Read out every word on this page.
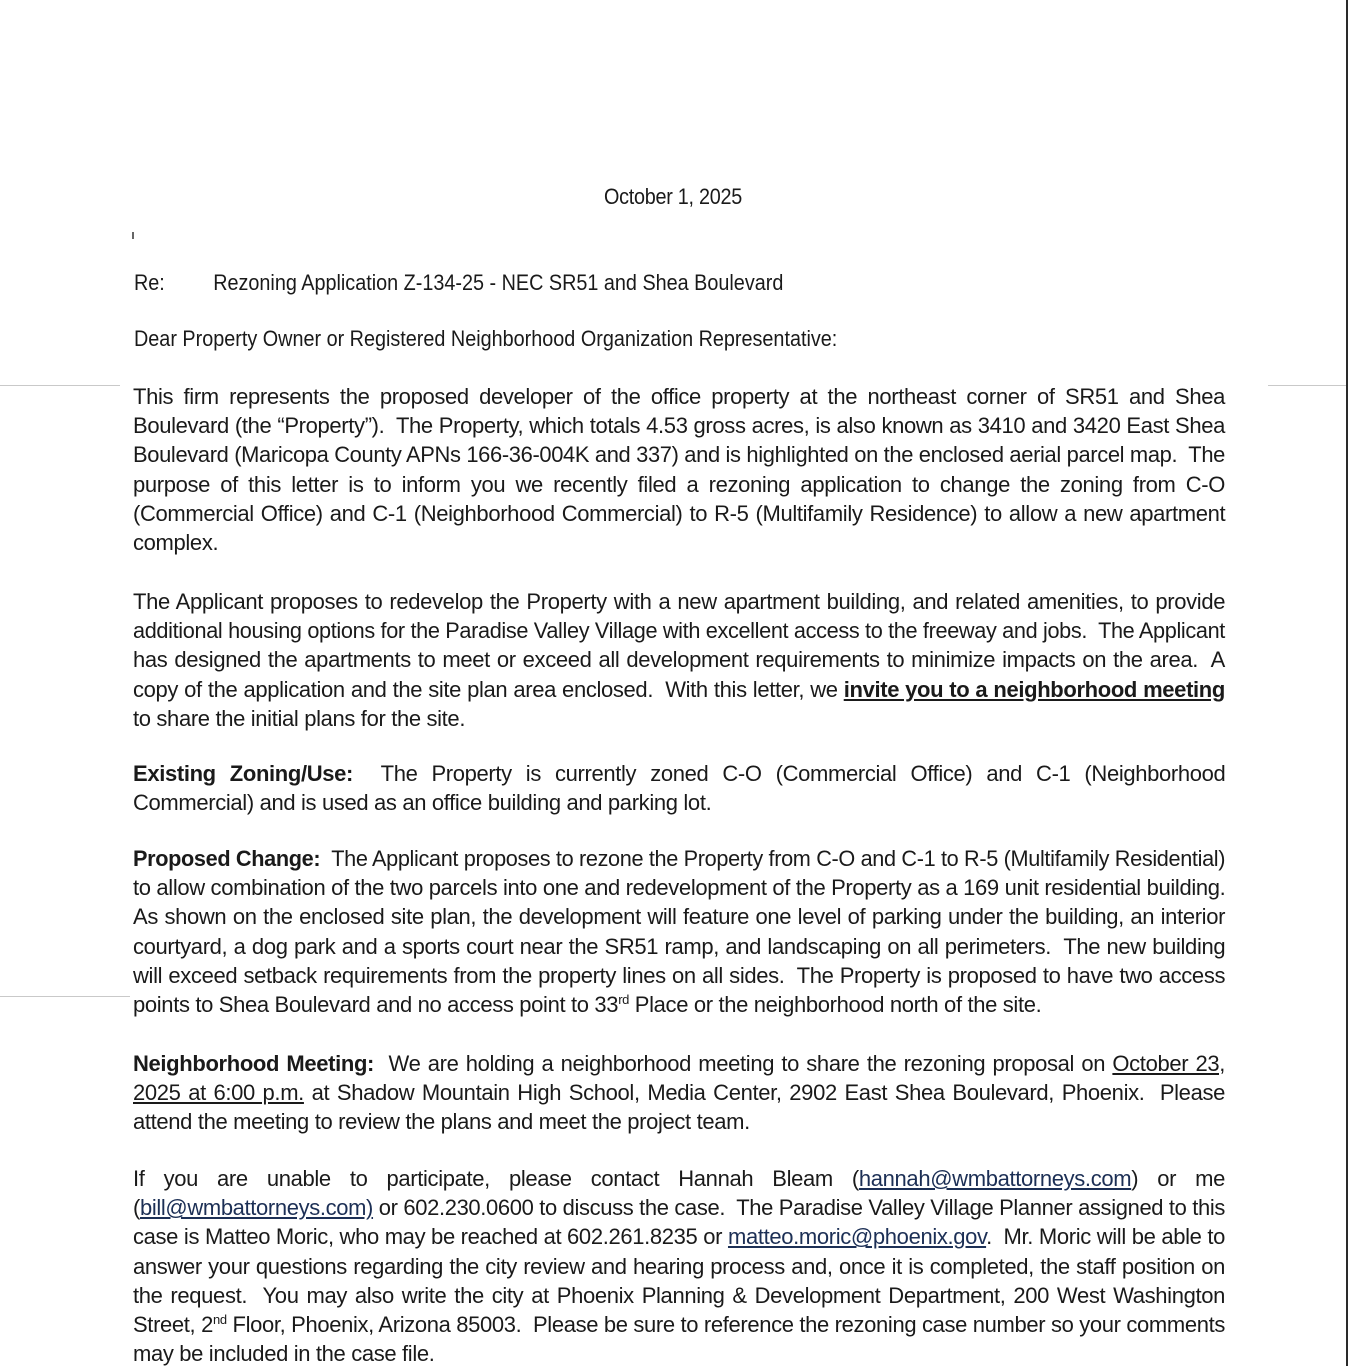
October 1, 2025
Re: Rezoning Application Z-134-25 - NEC SR51 and Shea Boulevard
Dear Property Owner or Registered Neighborhood Organization Representative:
This firm represents the proposed developer of the office property at the northeast corner of SR51 and Shea
Boulevard (the “Property”).  The Property, which totals 4.53 gross acres, is also known as 3410 and 3420 East Shea
Boulevard (Maricopa County APNs 166-36-004K and 337) and is highlighted on the enclosed aerial parcel map.  The
purpose of this letter is to inform you we recently filed a rezoning application to change the zoning from C-O
(Commercial Office) and C-1 (Neighborhood Commercial) to R-5 (Multifamily Residence) to allow a new apartment
complex.
The Applicant proposes to redevelop the Property with a new apartment building, and related amenities, to provide
additional housing options for the Paradise Valley Village with excellent access to the freeway and jobs.  The Applicant
has designed the apartments to meet or exceed all development requirements to minimize impacts on the area.  A
copy of the application and the site plan area enclosed.  With this letter, we invite you to a neighborhood meeting
to share the initial plans for the site.
Existing Zoning/Use:  The Property is currently zoned C-O (Commercial Office) and C-1 (Neighborhood
Commercial) and is used as an office building and parking lot.
Proposed Change:  The Applicant proposes to rezone the Property from C-O and C-1 to R-5 (Multifamily Residential)
to allow combination of the two parcels into one and redevelopment of the Property as a 169 unit residential building.
As shown on the enclosed site plan, the development will feature one level of parking under the building, an interior
courtyard, a dog park and a sports court near the SR51 ramp, and landscaping on all perimeters.  The new building
will exceed setback requirements from the property lines on all sides.  The Property is proposed to have two access
points to Shea Boulevard and no access point to 33rd Place or the neighborhood north of the site.
Neighborhood Meeting:  We are holding a neighborhood meeting to share the rezoning proposal on October 23,
2025 at 6:00 p.m. at Shadow Mountain High School, Media Center, 2902 East Shea Boulevard, Phoenix.  Please
attend the meeting to review the plans and meet the project team.
If you are unable to participate, please contact Hannah Bleam (hannah@wmbattorneys.com) or me
(bill@wmbattorneys.com) or 602.230.0600 to discuss the case.  The Paradise Valley Village Planner assigned to this
case is Matteo Moric, who may be reached at 602.261.8235 or matteo.moric@phoenix.gov.  Mr. Moric will be able to
answer your questions regarding the city review and hearing process and, once it is completed, the staff position on
the request.  You may also write the city at Phoenix Planning & Development Department, 200 West Washington
Street, 2nd Floor, Phoenix, Arizona 85003.  Please be sure to reference the rezoning case number so your comments
may be included in the case file.
